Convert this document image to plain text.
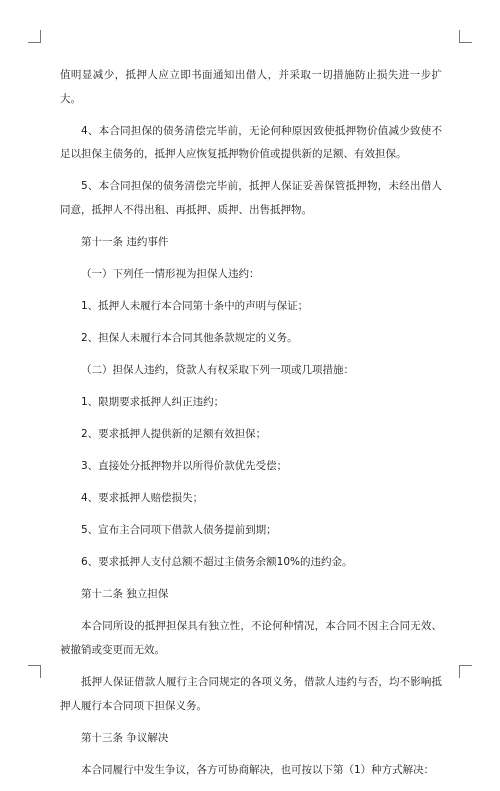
值明显减少，抵押人应立即书面通知出借人，并采取一切措施防止损失进一步扩大。

4、本合同担保的债务清偿完毕前，无论何种原因致使抵押物价值减少致使不足以担保主债务的，抵押人应恢复抵押物价值或提供新的足额、有效担保。

5、本合同担保的债务清偿完毕前，抵押人保证妥善保管抵押物，未经出借人同意，抵押人不得出租、再抵押、质押、出售抵押物。

第十一条 违约事件

（一）下列任一情形视为担保人违约：

1、抵押人未履行本合同第十条中的声明与保证；

2、担保人未履行本合同其他条款规定的义务。

（二）担保人违约，贷款人有权采取下列一项或几项措施：

1、限期要求抵押人纠正违约；

2、要求抵押人提供新的足额有效担保；

3、直接处分抵押物并以所得价款优先受偿；

4、要求抵押人赔偿损失；

5、宣布主合同项下借款人债务提前到期；

6、要求抵押人支付总额不超过主债务余额10%的违约金。

第十二条 独立担保

本合同所设的抵押担保具有独立性，不论何种情况，本合同不因主合同无效、被撤销或变更而无效。

抵押人保证借款人履行主合同规定的各项义务，借款人违约与否，均不影响抵押人履行本合同项下担保义务。

第十三条 争议解决

本合同履行中发生争议，各方可协商解决，也可按以下第（1）种方式解决：
